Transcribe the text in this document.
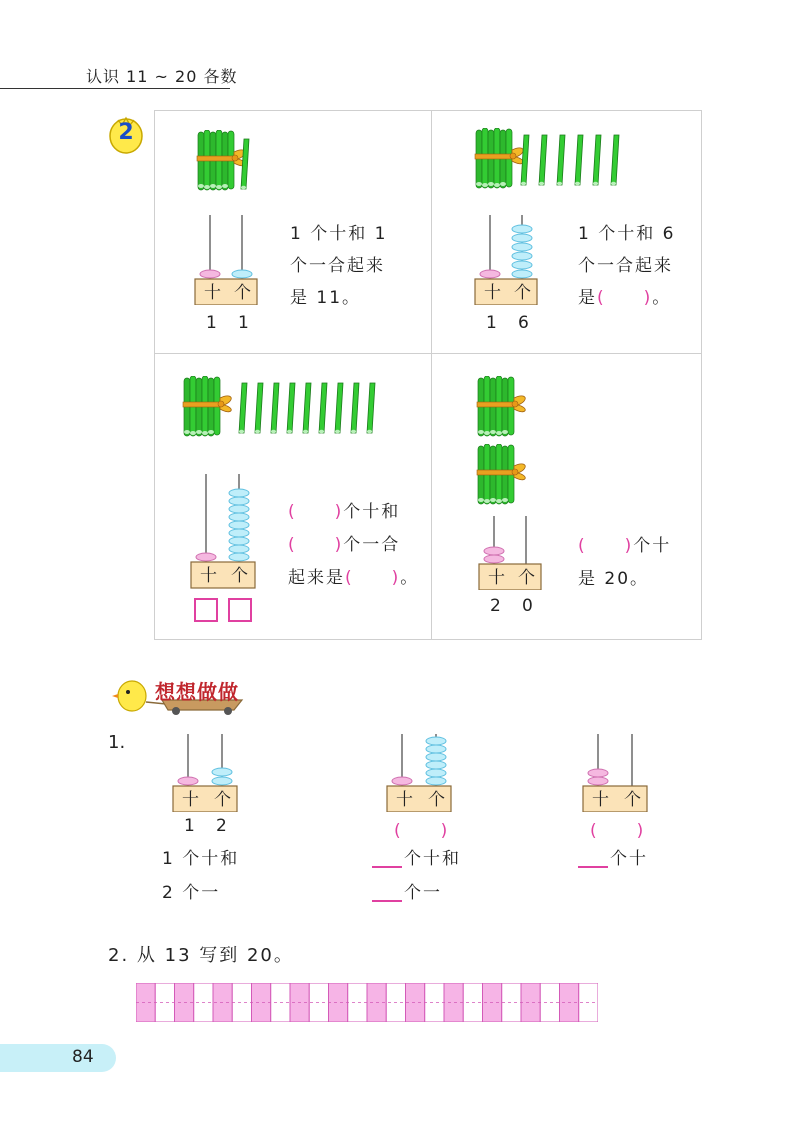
认识 11 ~ 20 各数
2
十 个
1 1
1 个十和 1
个一合起来
是 11。	十 个
1 6
1 个十和 6
个一合起来
是(　　)。
十 个
(　　)个十和
(　　)个一合
起来是(　　)。	十 个
2 0
(　　)个十
是 20。
想想做做
1.
十 个
1 2
1 个十和
2 个一
十 个
(　　)
个十和
个一
十 个
(　　)
个十
2. 从 13 写到 20。
84
